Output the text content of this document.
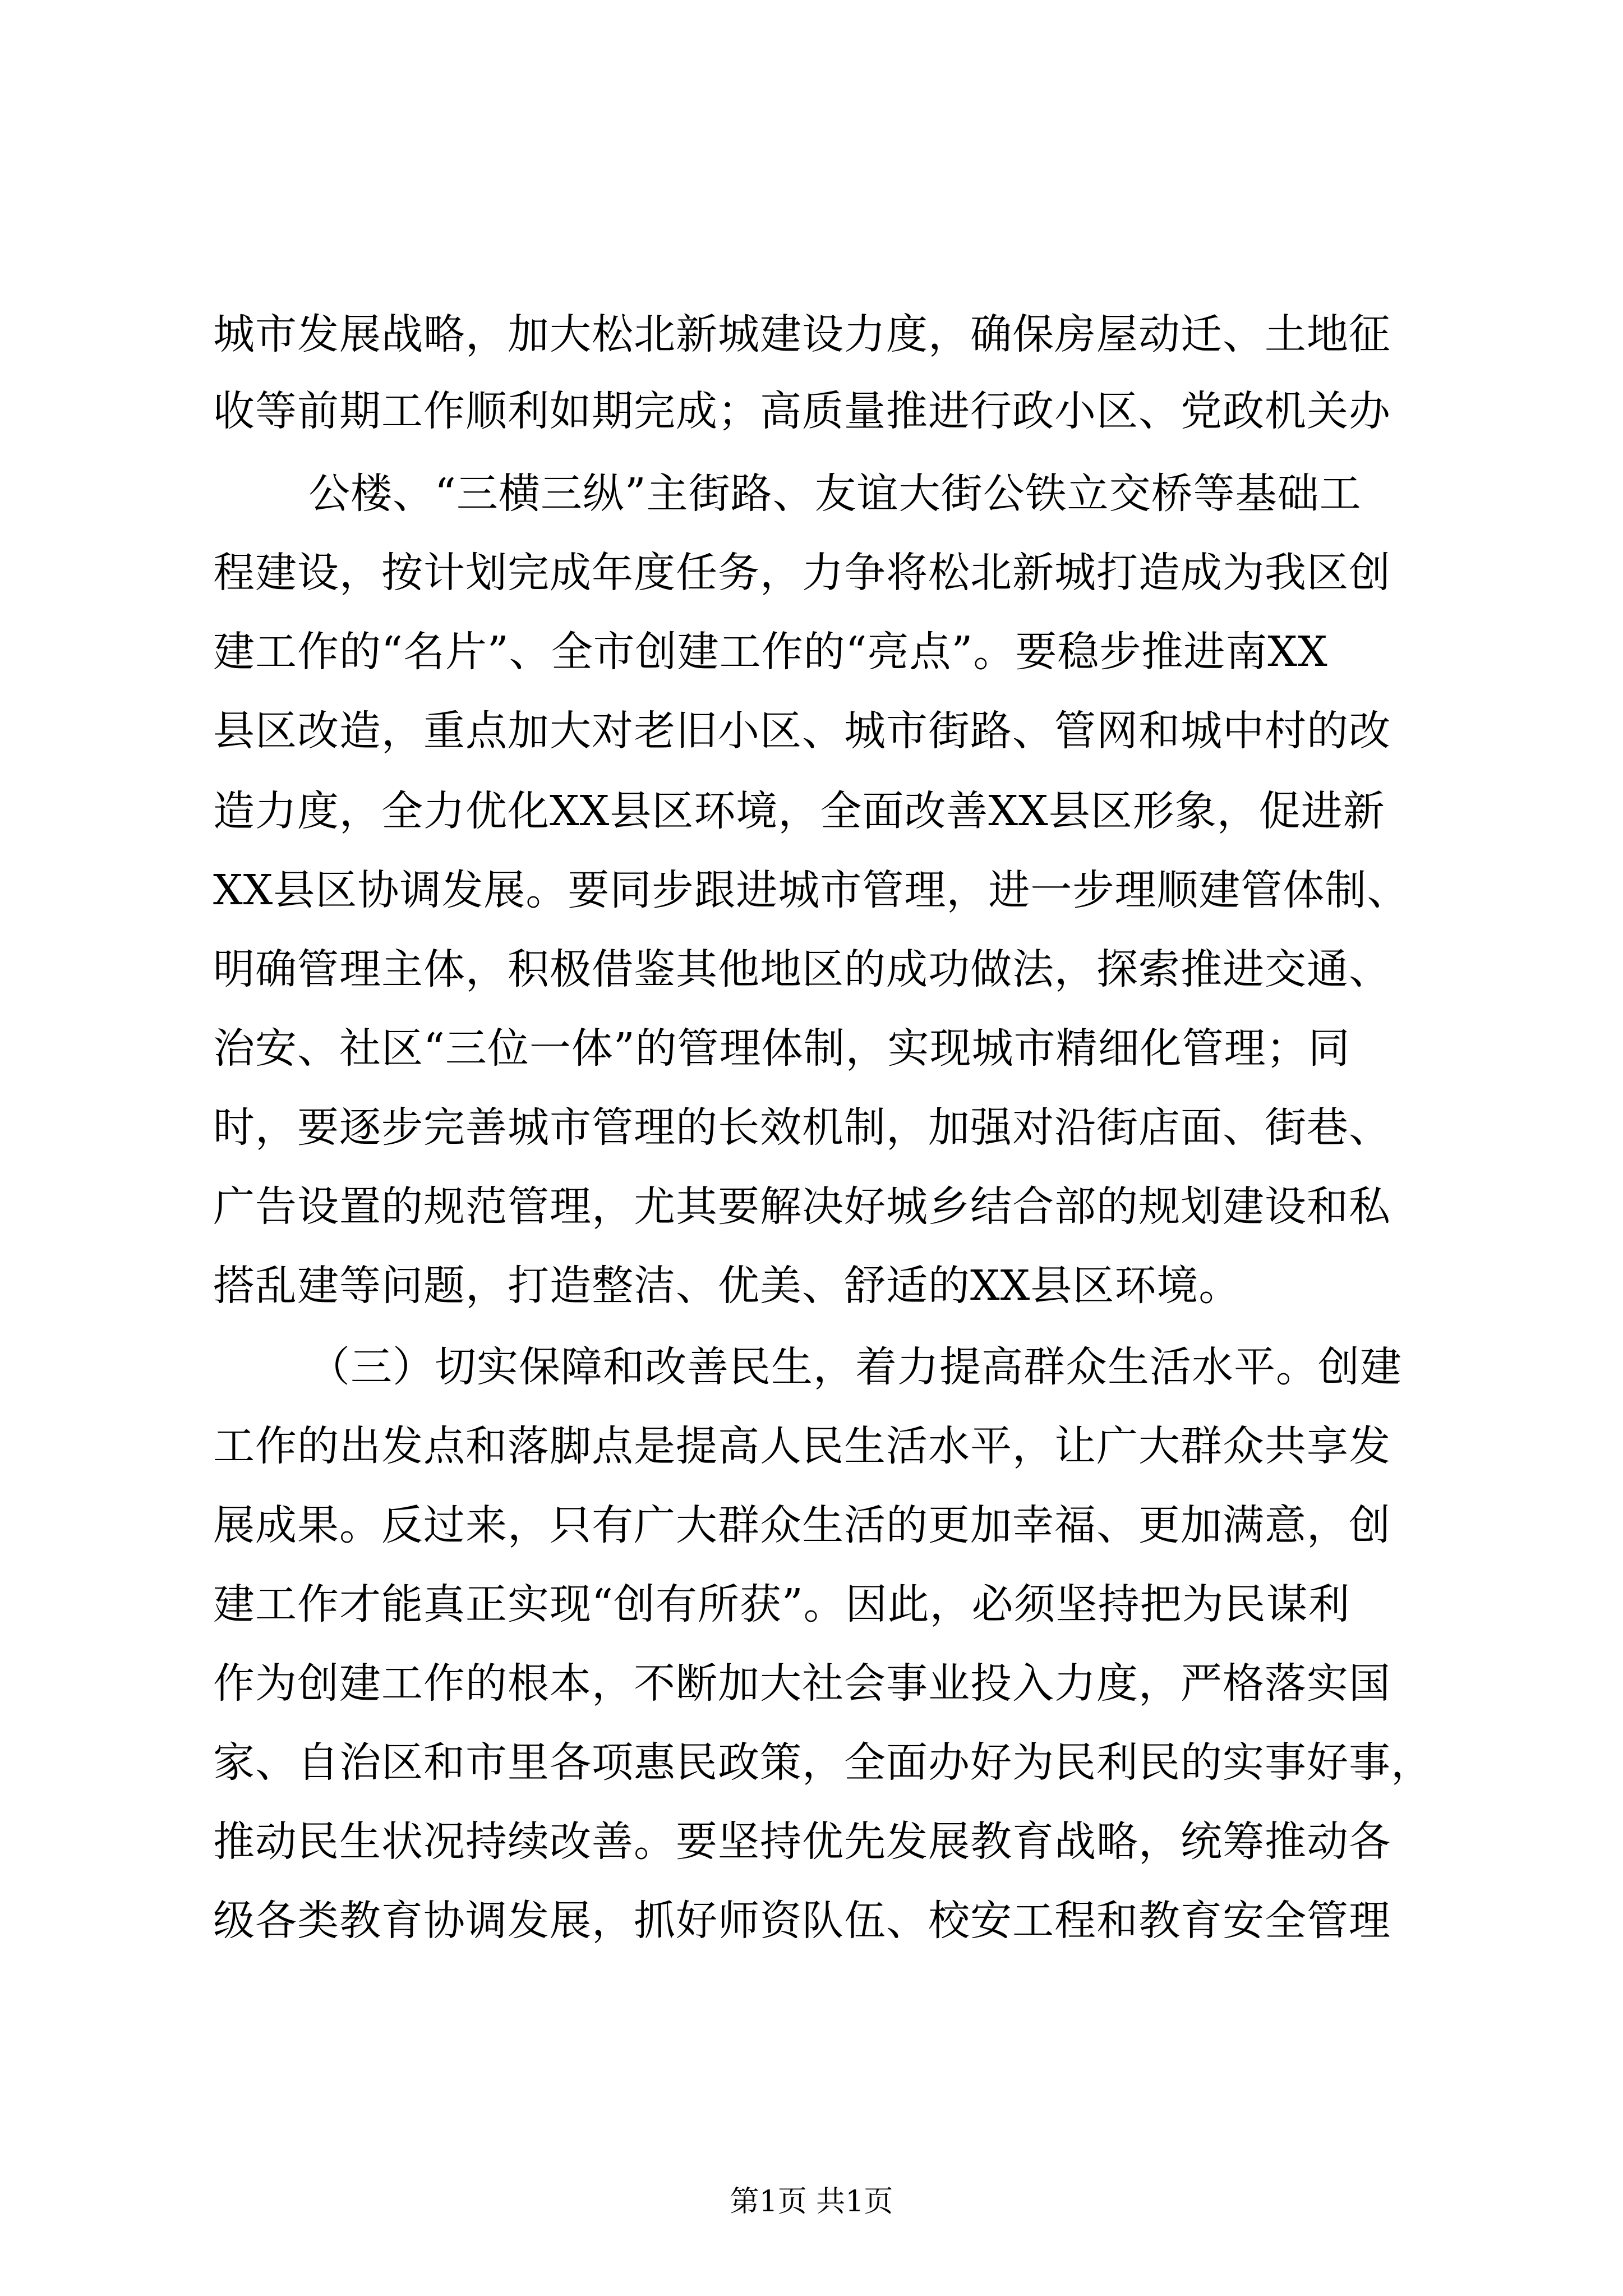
城市发展战略，加大松北新城建设力度，确保房屋动迁、土地征
收等前期工作顺利如期完成；高质量推进行政小区、党政机关办
公楼、“三横三纵”主街路、友谊大街公铁立交桥等基础工
程建设，按计划完成年度任务，力争将松北新城打造成为我区创
建工作的“名片”、全市创建工作的“亮点”。要稳步推进南XX
县区改造，重点加大对老旧小区、城市街路、管网和城中村的改
造力度，全力优化XX县区环境，全面改善XX县区形象，促进新
XX县区协调发展。要同步跟进城市管理，进一步理顺建管体制、
明确管理主体，积极借鉴其他地区的成功做法，探索推进交通、
治安、社区“三位一体”的管理体制，实现城市精细化管理；同
时，要逐步完善城市管理的长效机制，加强对沿街店面、街巷、
广告设置的规范管理，尤其要解决好城乡结合部的规划建设和私
搭乱建等问题，打造整洁、优美、舒适的XX县区环境。
（三）切实保障和改善民生，着力提高群众生活水平。创建
工作的出发点和落脚点是提高人民生活水平，让广大群众共享发
展成果。反过来，只有广大群众生活的更加幸福、更加满意，创
建工作才能真正实现“创有所获”。因此，必须坚持把为民谋利
作为创建工作的根本，不断加大社会事业投入力度，严格落实国
家、自治区和市里各项惠民政策，全面办好为民利民的实事好事，
推动民生状况持续改善。要坚持优先发展教育战略，统筹推动各
级各类教育协调发展，抓好师资队伍、校安工程和教育安全管理
第1页 共1页
